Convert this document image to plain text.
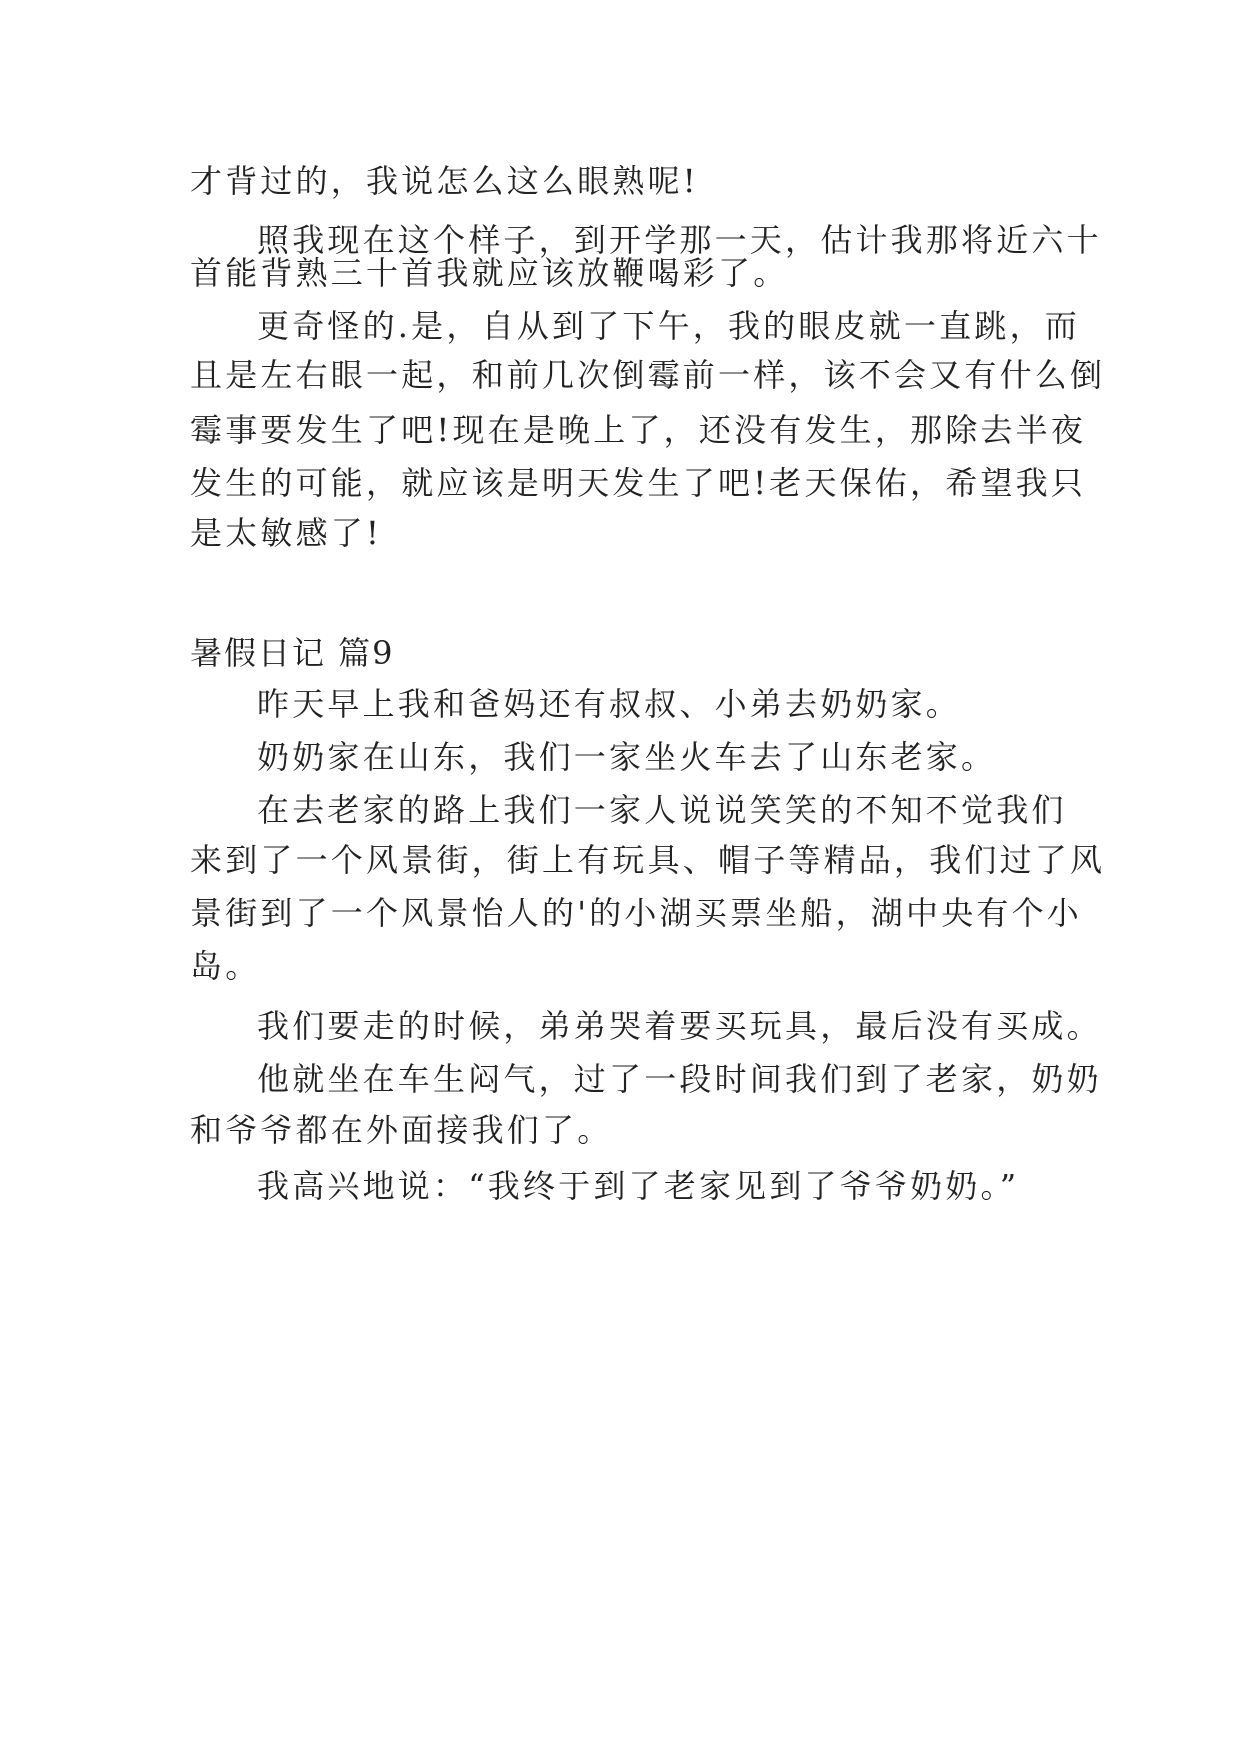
才背过的，我说怎么这么眼熟呢!
照我现在这个样子，到开学那一天，估计我那将近六十
首能背熟三十首我就应该放鞭喝彩了。
更奇怪的.是，自从到了下午，我的眼皮就一直跳，而
且是左右眼一起，和前几次倒霉前一样，该不会又有什么倒
霉事要发生了吧!现在是晚上了，还没有发生，那除去半夜
发生的可能，就应该是明天发生了吧!老天保佑，希望我只
是太敏感了!
暑假日记 篇9
昨天早上我和爸妈还有叔叔、小弟去奶奶家。
奶奶家在山东，我们一家坐火车去了山东老家。
在去老家的路上我们一家人说说笑笑的不知不觉我们
来到了一个风景街，街上有玩具、帽子等精品，我们过了风
景街到了一个风景怡人的'的小湖买票坐船，湖中央有个小
岛。
我们要走的时候，弟弟哭着要买玩具，最后没有买成。
他就坐在车生闷气，过了一段时间我们到了老家，奶奶
和爷爷都在外面接我们了。
我高兴地说：“我终于到了老家见到了爷爷奶奶。”
